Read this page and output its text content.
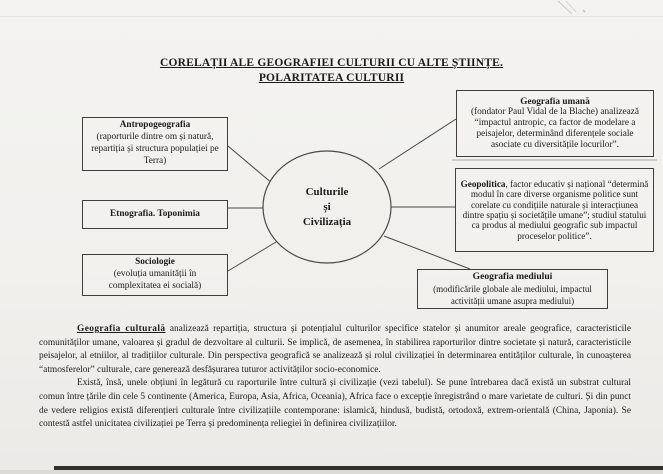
CORELAȚII ALE GEOGRAFIEI CULTURII CU ALTE ȘTIINȚE.
POLARITATEA CULTURII
Culturile
și
Civilizația
Antropogeografia
(raporturile dintre om și natură, repartiția și structura populației pe Terra)
Etnografia. Toponimia
Sociologie
(evoluția umanității în complexitatea ei socială)
Geografia umană
(fondator Paul Vidal de la Blache) analizează “impactul antropic, ca factor de modelare a peisajelor, determinând diferențele sociale asociate cu diversitățile locurilor”.
Geopolitica, factor educativ și național “determină modul în care diverse organisme politice sunt corelate cu condițiile naturale și interacțiunea dintre spațiu și societățile umane”; studiul statului ca produs al mediului geografic sub impactul proceselor politice”.
Geografia mediului
(modificările globale ale mediului, impactul activității umane asupra mediului)

Geografia culturală analizează repartiția, structura și potențialul culturilor specifice statelor și anumitor areale geografice, caracteristicile comunităților umane, valoarea și gradul de dezvoltare al culturii. Se implică, de asemenea, în stabilirea raporturilor dintre societate și natură, caracteristicile peisajelor, al etniilor, al tradițiilor culturale. Din perspectiva geografică se analizează și rolul civilizației în determinarea entităților culturale, în cunoașterea “atmosferelor” culturale, care generează desfășurarea tuturor activităților socio-economice.

Există, însă, unele obțiuni în legătură cu raporturile între cultură și civilizație (vezi tabelul). Se pune întrebarea dacă există un substrat cultural comun între țările din cele 5 continente (America, Europa, Asia, Africa, Oceania), Africa face o excepție înregistrând o mare varietate de culturi. Și din punct de vedere religios există diferențieri culturale între civilizațiile contemporane: islamică, hindusă, budistă, ortodoxă, extrem-orientală (China, Japonia). Se contestă astfel unicitatea civilizației pe Terra și predominența reliegiei în definirea civilizațiilor.
